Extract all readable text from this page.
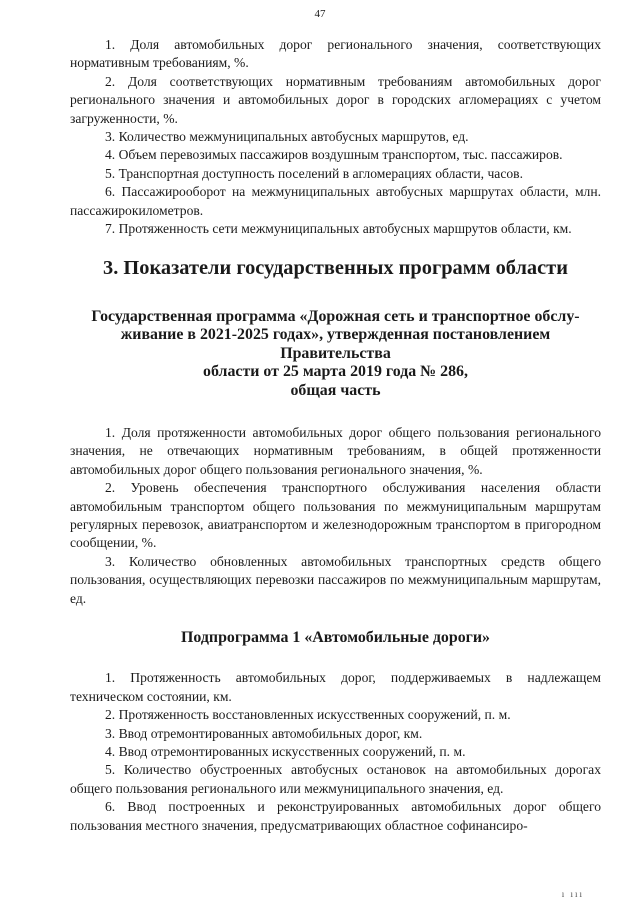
47

1. Доля автомобильных дорог регионального значения, соответствующих нормативным требованиям, %.

2. Доля соответствующих нормативным требованиям автомобильных дорог регионального значения и автомобильных дорог в городских агломерациях с учетом загруженности, %.

3. Количество межмуниципальных автобусных маршрутов, ед.

4. Объем перевозимых пассажиров воздушным транспортом, тыс. пассажиров.

5. Транспортная доступность поселений в агломерациях области, часов.

6. Пассажирооборот на межмуниципальных автобусных маршрутах области, млн. пассажирокилометров.

7. Протяженность сети межмуниципальных автобусных маршрутов области, км.

3. Показатели государственных программ области
Государственная программа «Дорожная сеть и транспортное обслу-
живание в 2021-2025 годах», утвержденная постановлением Правительства
области от 25 марта 2019 года № 286,
общая часть

1. Доля протяженности автомобильных дорог общего пользования регионального значения, не отвечающих нормативным требованиям, в общей протяженности автомобильных дорог общего пользования регионального значения, %.

2. Уровень обеспечения транспортного обслуживания населения области автомобильным транспортом общего пользования по межмуниципальным маршрутам регулярных перевозок, авиатранспортом и железнодорожным транспортом в пригородном сообщении, %.

3. Количество обновленных автомобильных транспортных средств общего пользования, осуществляющих перевозки пассажиров по межмуниципальным маршрутам, ед.

Подпрограмма 1 «Автомобильные дороги»

1. Протяженность автомобильных дорог, поддерживаемых в надлежащем техническом состоянии, км.

2. Протяженность восстановленных искусственных сооружений, п. м.

3. Ввод отремонтированных автомобильных дорог, км.

4. Ввод отремонтированных искусственных сооружений, п. м.

5. Количество обустроенных автобусных остановок на автомобильных дорогах общего пользования регионального или межмуниципального значения, ед.

6. Ввод построенных и реконструированных автомобильных дорог общего пользования местного значения, предусматривающих областное софинансиро-

ı ııı
